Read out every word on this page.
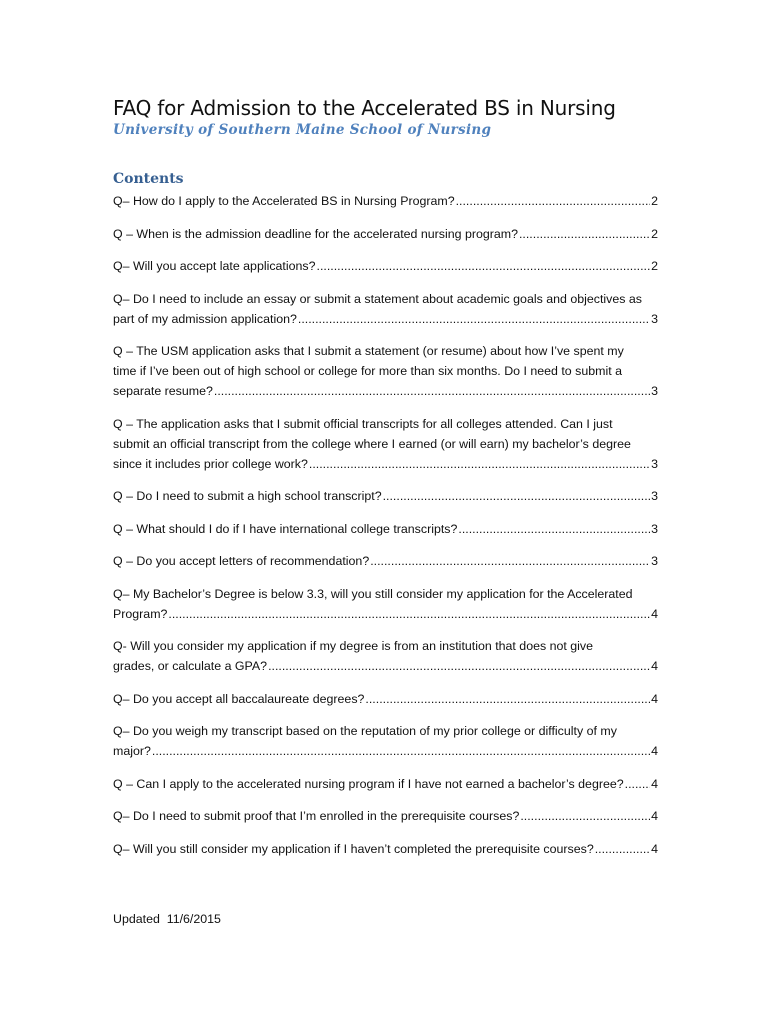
FAQ for Admission to the Accelerated BS in Nursing
University of Southern Maine School of Nursing
Contents
Q– How do I apply to the Accelerated BS in Nursing Program? .....	2
Q – When is the admission deadline for the accelerated nursing program? .....	2
Q– Will you accept late applications? .....	2
Q– Do I need to include an essay or submit a statement about academic goals and objectives as
part of my admission application? .....	3
Q – The USM application asks that I submit a statement (or resume) about how I’ve spent my
time if I’ve been out of high school or college for more than six months. Do I need to submit a
separate resume? .....	3
Q – The application asks that I submit official transcripts for all colleges attended. Can I just
submit an official transcript from the college where I earned (or will earn) my bachelor’s degree
since it includes prior college work? .....	3
Q – Do I need to submit a high school transcript? .....	3
Q – What should I do if I have international college transcripts? .....	3
Q – Do you accept letters of recommendation? .....	3
Q– My Bachelor’s Degree is below 3.3, will you still consider my application for the Accelerated
Program? .....	4
Q- Will you consider my application if my degree is from an institution that does not give
grades, or calculate a GPA? .....	4
Q– Do you accept all baccalaureate degrees? .....	4
Q– Do you weigh my transcript based on the reputation of my prior college or difficulty of my
major? .....	4
Q – Can I apply to the accelerated nursing program if I have not earned a bachelor’s degree? ..... 4
Q– Do I need to submit proof that I’m enrolled in the prerequisite courses? .....	4
Q– Will you still consider my application if I haven’t completed the prerequisite courses? .....	4
Updated  11/6/2015
